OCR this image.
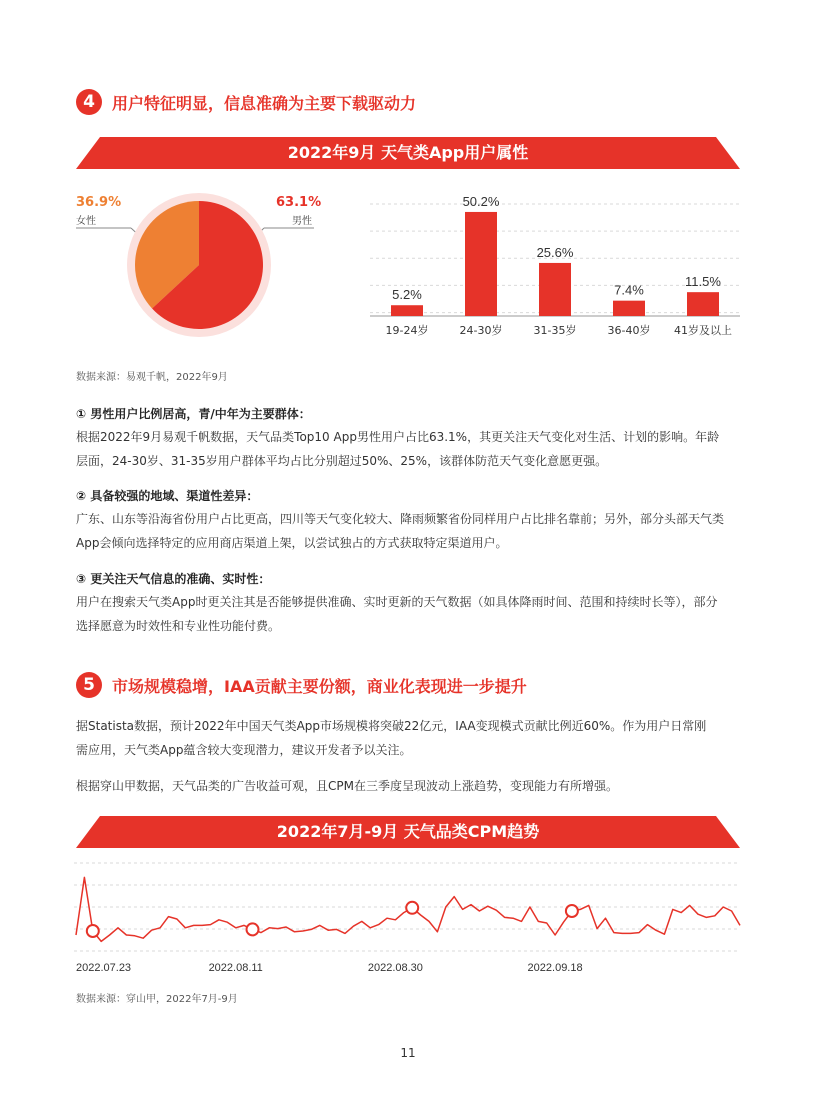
4	用户特征明显，信息准确为主要下载驱动力
2022年9月 天气类App用户属性
36.9%
女性
63.1%
男性
5.2%
19-24岁
50.2%
24-30岁
25.6%
31-35岁
7.4%
36-40岁
11.5%
41岁及以上
数据来源：易观千帆，2022年9月
① 男性用户比例居高，青/中年为主要群体：
根据2022年9月易观千帆数据，天气品类Top10 App男性用户占比63.1%，其更关注天气变化对生活、计划的影响。年龄
层面，24-30岁、31-35岁用户群体平均占比分别超过50%、25%，该群体防范天气变化意愿更强。
② 具备较强的地域、渠道性差异：
广东、山东等沿海省份用户占比更高，四川等天气变化较大、降雨频繁省份同样用户占比排名靠前；另外，部分头部天气类
App会倾向选择特定的应用商店渠道上架，以尝试独占的方式获取特定渠道用户。
③ 更关注天气信息的准确、实时性：
用户在搜索天气类App时更关注其是否能够提供准确、实时更新的天气数据（如具体降雨时间、范围和持续时长等），部分
选择愿意为时效性和专业性功能付费。
5	市场规模稳增，IAA贡献主要份额，商业化表现进一步提升
据Statista数据，预计2022年中国天气类App市场规模将突破22亿元，IAA变现模式贡献比例近60%。作为用户日常刚
需应用，天气类App蕴含较大变现潜力，建议开发者予以关注。
根据穿山甲数据，天气品类的广告收益可观，且CPM在三季度呈现波动上涨趋势，变现能力有所增强。
2022年7月-9月 天气品类CPM趋势
2022.07.23	2022.08.11	2022.08.30	2022.09.18
数据来源：穿山甲，2022年7月-9月
11
